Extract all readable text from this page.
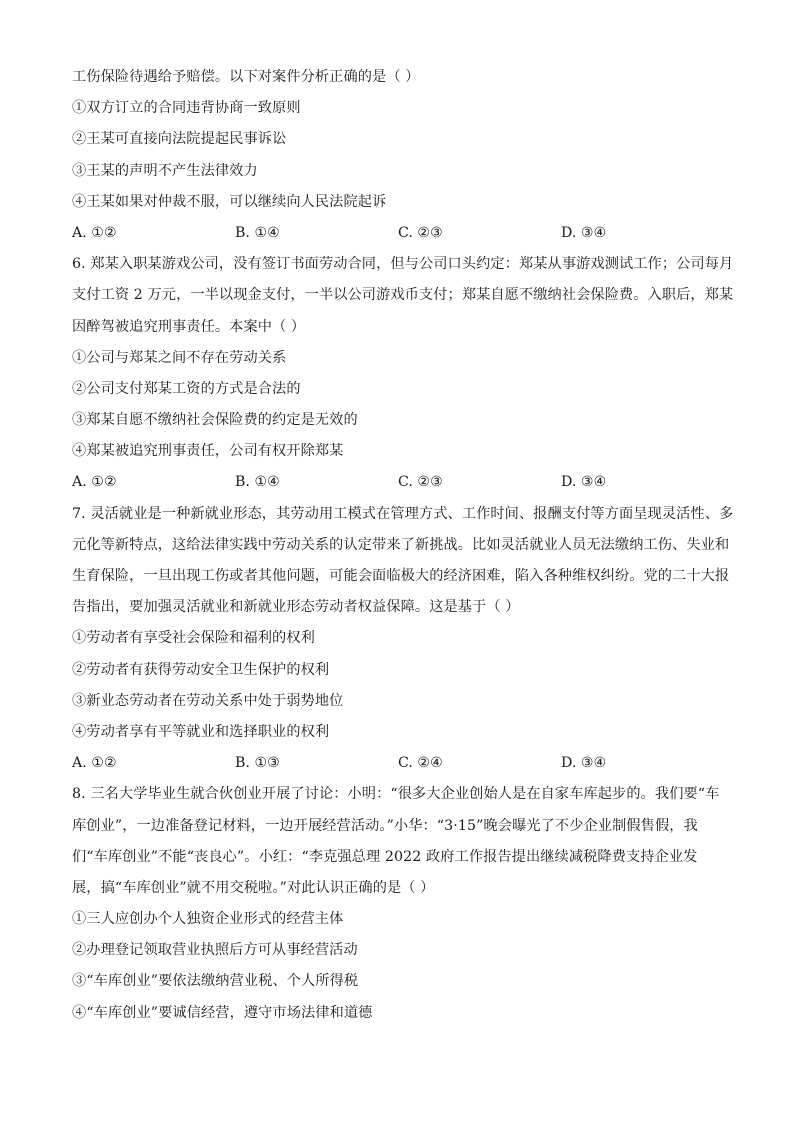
工伤保险待遇给予赔偿。以下对案件分析正确的是（ ）
①双方订立的合同违背协商一致原则
②王某可直接向法院提起民事诉讼
③王某的声明不产生法律效力
④王某如果对仲裁不服，可以继续向人民法院起诉
A. ①②	B. ①④	C. ②③	D. ③④
6. 郑某入职某游戏公司，没有签订书面劳动合同，但与公司口头约定：郑某从事游戏测试工作；公司每月
支付工资 2 万元，一半以现金支付，一半以公司游戏币支付；郑某自愿不缴纳社会保险费。入职后，郑某
因醉驾被追究刑事责任。本案中（ ）
①公司与郑某之间不存在劳动关系
②公司支付郑某工资的方式是合法的
③郑某自愿不缴纳社会保险费的约定是无效的
④郑某被追究刑事责任，公司有权开除郑某
A. ①②	B. ①④	C. ②③	D. ③④
7. 灵活就业是一种新就业形态，其劳动用工模式在管理方式、工作时间、报酬支付等方面呈现灵活性、多
元化等新特点，这给法律实践中劳动关系的认定带来了新挑战。比如灵活就业人员无法缴纳工伤、失业和
生育保险，一旦出现工伤或者其他问题，可能会面临极大的经济困难，陷入各种维权纠纷。党的二十大报
告指出，要加强灵活就业和新就业形态劳动者权益保障。这是基于（ ）
①劳动者有享受社会保险和福利的权利
②劳动者有获得劳动安全卫生保护的权利
③新业态劳动者在劳动关系中处于弱势地位
④劳动者享有平等就业和选择职业的权利
A. ①②	B. ①③	C. ②④	D. ③④
8. 三名大学毕业生就合伙创业开展了讨论：小明：“很多大企业创始人是在自家车库起步的。我们要“车
库创业”，一边准备登记材料，一边开展经营活动。”小华：“3·15”晚会曝光了不少企业制假售假，我
们“车库创业”不能“丧良心”。小红：“李克强总理 2022 政府工作报告提出继续减税降费支持企业发
展，搞“车库创业”就不用交税啦。”对此认识正确的是（ ）
①三人应创办个人独资企业形式的经营主体
②办理登记领取营业执照后方可从事经营活动
③“车库创业”要依法缴纳营业税、个人所得税
④“车库创业”要诚信经营，遵守市场法律和道德
